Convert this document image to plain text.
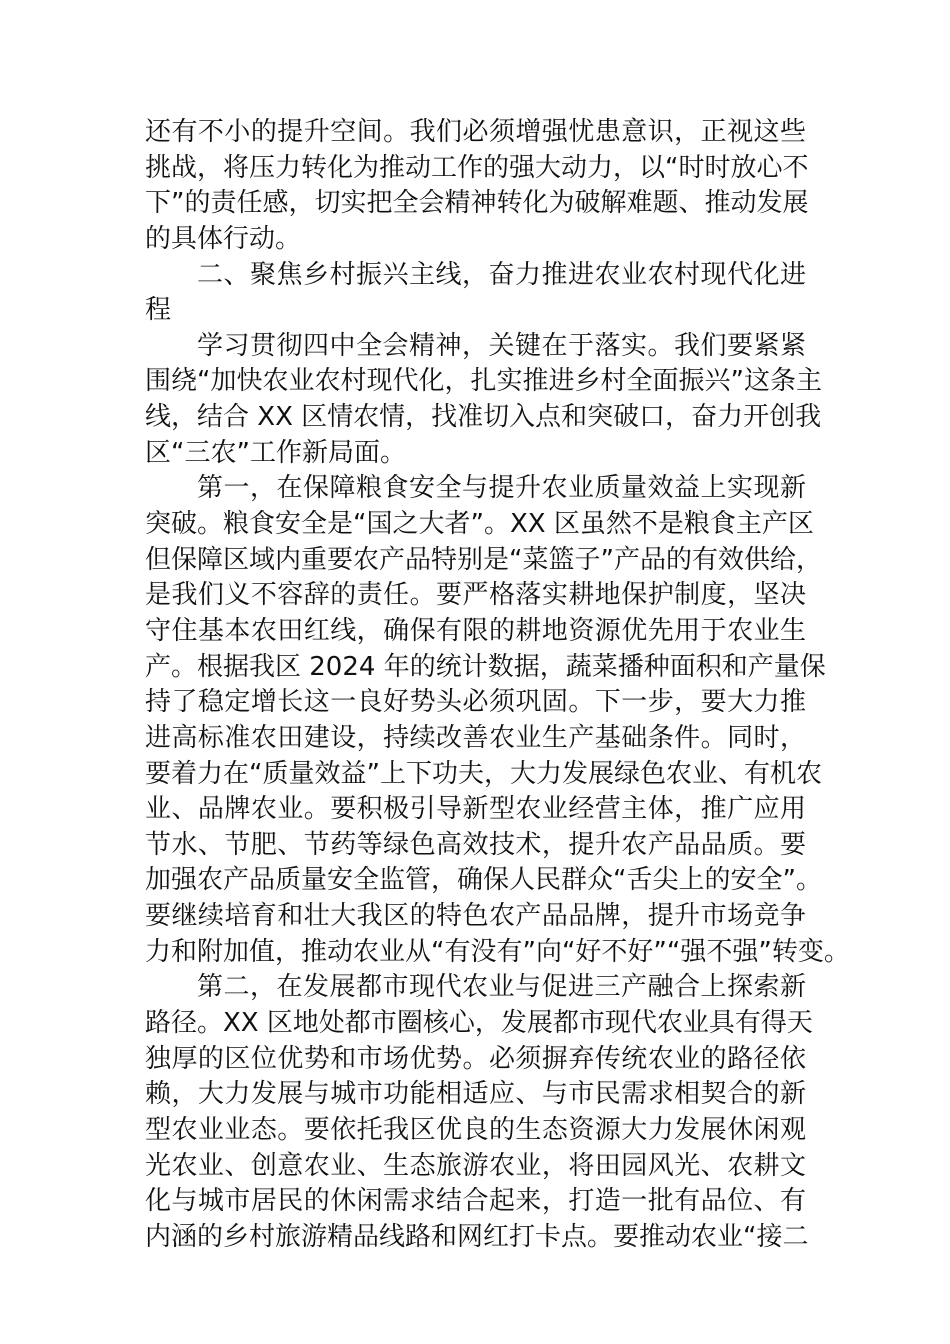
还有不小的提升空间。我们必须增强忧患意识，正视这些
挑战，将压力转化为推动工作的强大动力，以“时时放心不
下”的责任感，切实把全会精神转化为破解难题、推动发展
的具体行动。
二、聚焦乡村振兴主线，奋力推进农业农村现代化进
程
学习贯彻四中全会精神，关键在于落实。我们要紧紧
围绕“加快农业农村现代化，扎实推进乡村全面振兴”这条主
线，结合 XX 区情农情，找准切入点和突破口，奋力开创我
区“三农”工作新局面。
第一，在保障粮食安全与提升农业质量效益上实现新
突破。粮食安全是“国之大者”。XX 区虽然不是粮食主产区
但保障区域内重要农产品特别是“菜篮子”产品的有效供给，
是我们义不容辞的责任。要严格落实耕地保护制度，坚决
守住基本农田红线，确保有限的耕地资源优先用于农业生
产。根据我区 2024 年的统计数据，蔬菜播种面积和产量保
持了稳定增长这一良好势头必须巩固。下一步，要大力推
进高标准农田建设，持续改善农业生产基础条件。同时，
要着力在“质量效益”上下功夫，大力发展绿色农业、有机农
业、品牌农业。要积极引导新型农业经营主体，推广应用
节水、节肥、节药等绿色高效技术，提升农产品品质。要
加强农产品质量安全监管，确保人民群众“舌尖上的安全”。
要继续培育和壮大我区的特色农产品品牌，提升市场竞争
力和附加值，推动农业从“有没有”向“好不好”“强不强”转变。
第二，在发展都市现代农业与促进三产融合上探索新
路径。XX 区地处都市圈核心，发展都市现代农业具有得天
独厚的区位优势和市场优势。必须摒弃传统农业的路径依
赖，大力发展与城市功能相适应、与市民需求相契合的新
型农业业态。要依托我区优良的生态资源大力发展休闲观
光农业、创意农业、生态旅游农业，将田园风光、农耕文
化与城市居民的休闲需求结合起来，打造一批有品位、有
内涵的乡村旅游精品线路和网红打卡点。要推动农业“接二
